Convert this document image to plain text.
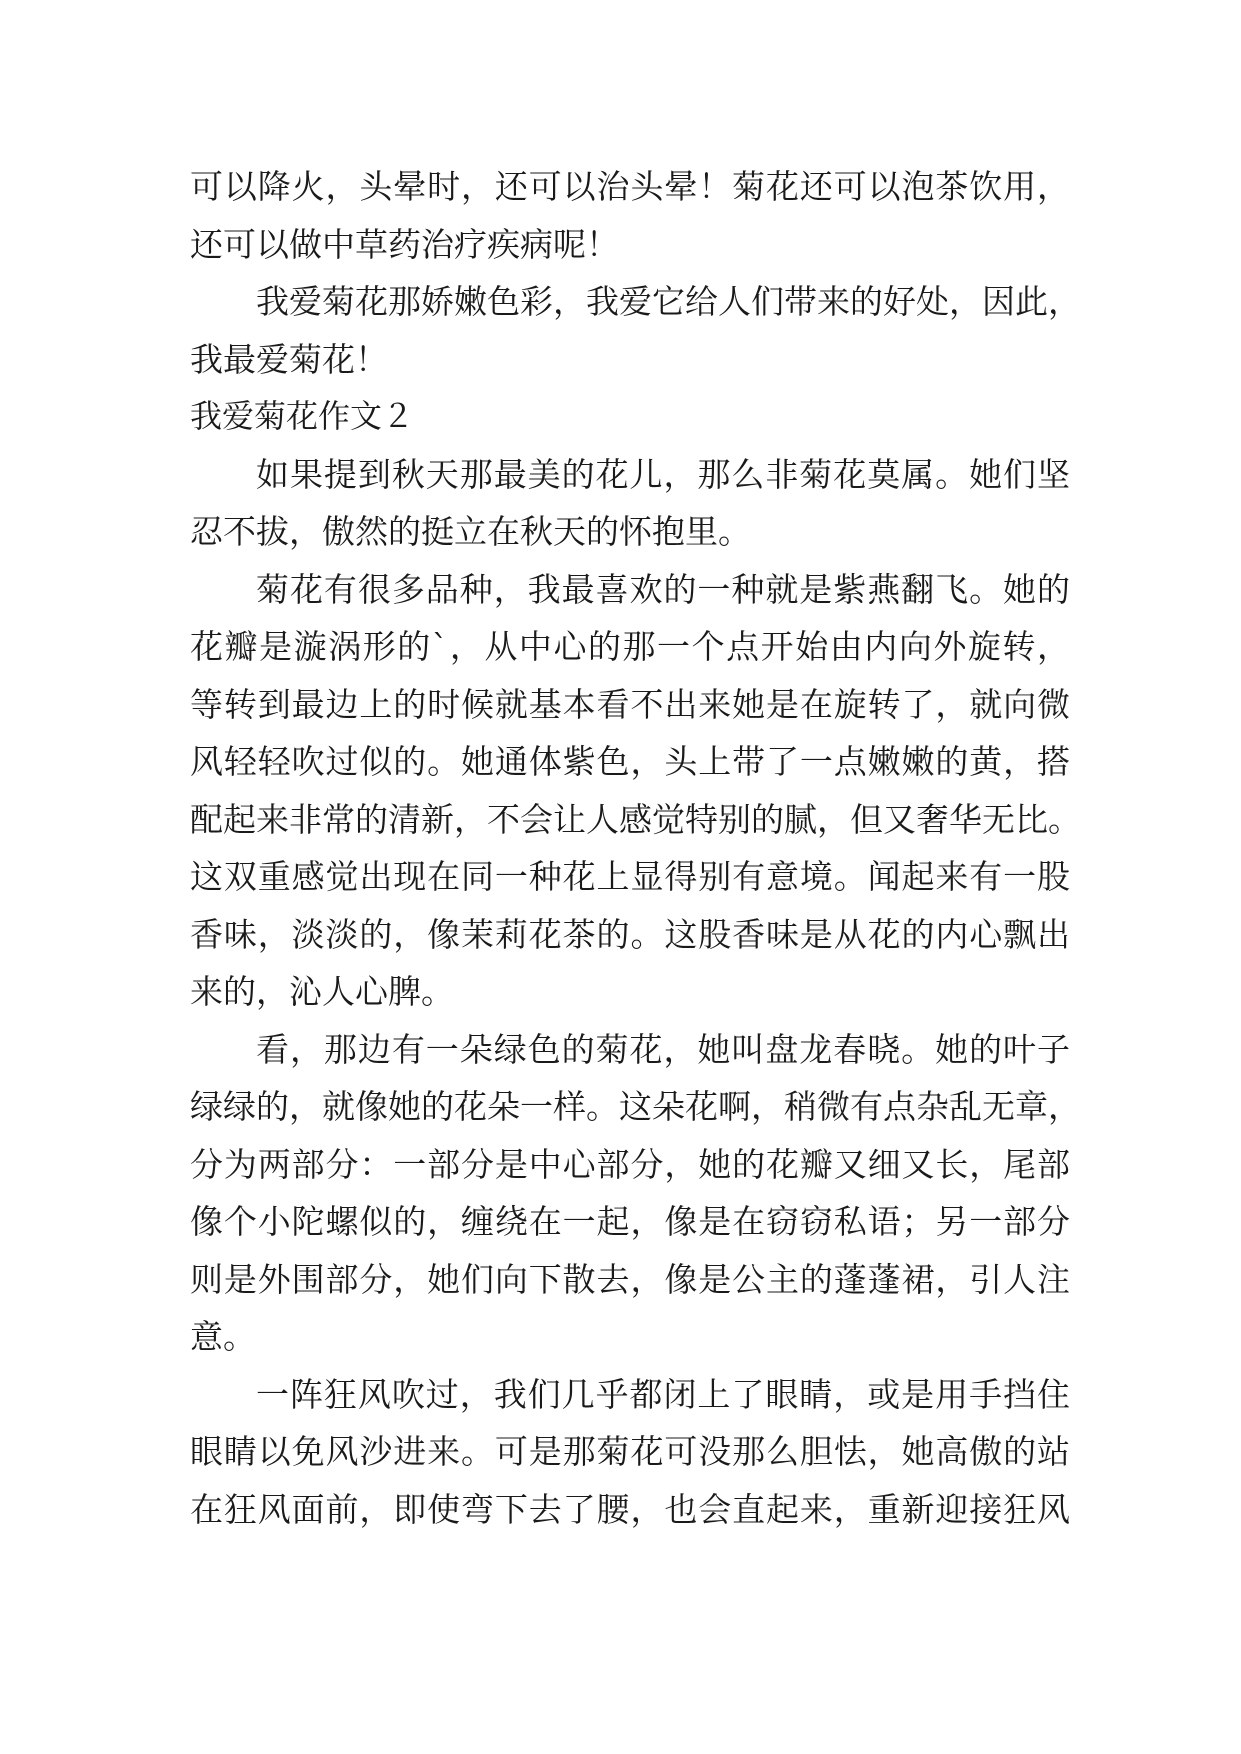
可以降火，头晕时，还可以治头晕！菊花还可以泡茶饮用，
还可以做中草药治疗疾病呢！
我爱菊花那娇嫩色彩，我爱它给人们带来的好处，因此，
我最爱菊花！
我爱菊花作文２
如果提到秋天那最美的花儿，那么非菊花莫属。她们坚
忍不拔，傲然的挺立在秋天的怀抱里。
菊花有很多品种，我最喜欢的一种就是紫燕翻飞。她的
花瓣是漩涡形的`，从中心的那一个点开始由内向外旋转，
等转到最边上的时候就基本看不出来她是在旋转了，就向微
风轻轻吹过似的。她通体紫色，头上带了一点嫩嫩的黄，搭
配起来非常的清新，不会让人感觉特别的腻，但又奢华无比。
这双重感觉出现在同一种花上显得别有意境。闻起来有一股
香味，淡淡的，像茉莉花茶的。这股香味是从花的内心飘出
来的，沁人心脾。
看，那边有一朵绿色的菊花，她叫盘龙春晓。她的叶子
绿绿的，就像她的花朵一样。这朵花啊，稍微有点杂乱无章，
分为两部分：一部分是中心部分，她的花瓣又细又长，尾部
像个小陀螺似的，缠绕在一起，像是在窃窃私语；另一部分
则是外围部分，她们向下散去，像是公主的蓬蓬裙，引人注
意。
一阵狂风吹过，我们几乎都闭上了眼睛，或是用手挡住
眼睛以免风沙进来。可是那菊花可没那么胆怯，她高傲的站
在狂风面前，即使弯下去了腰，也会直起来，重新迎接狂风
